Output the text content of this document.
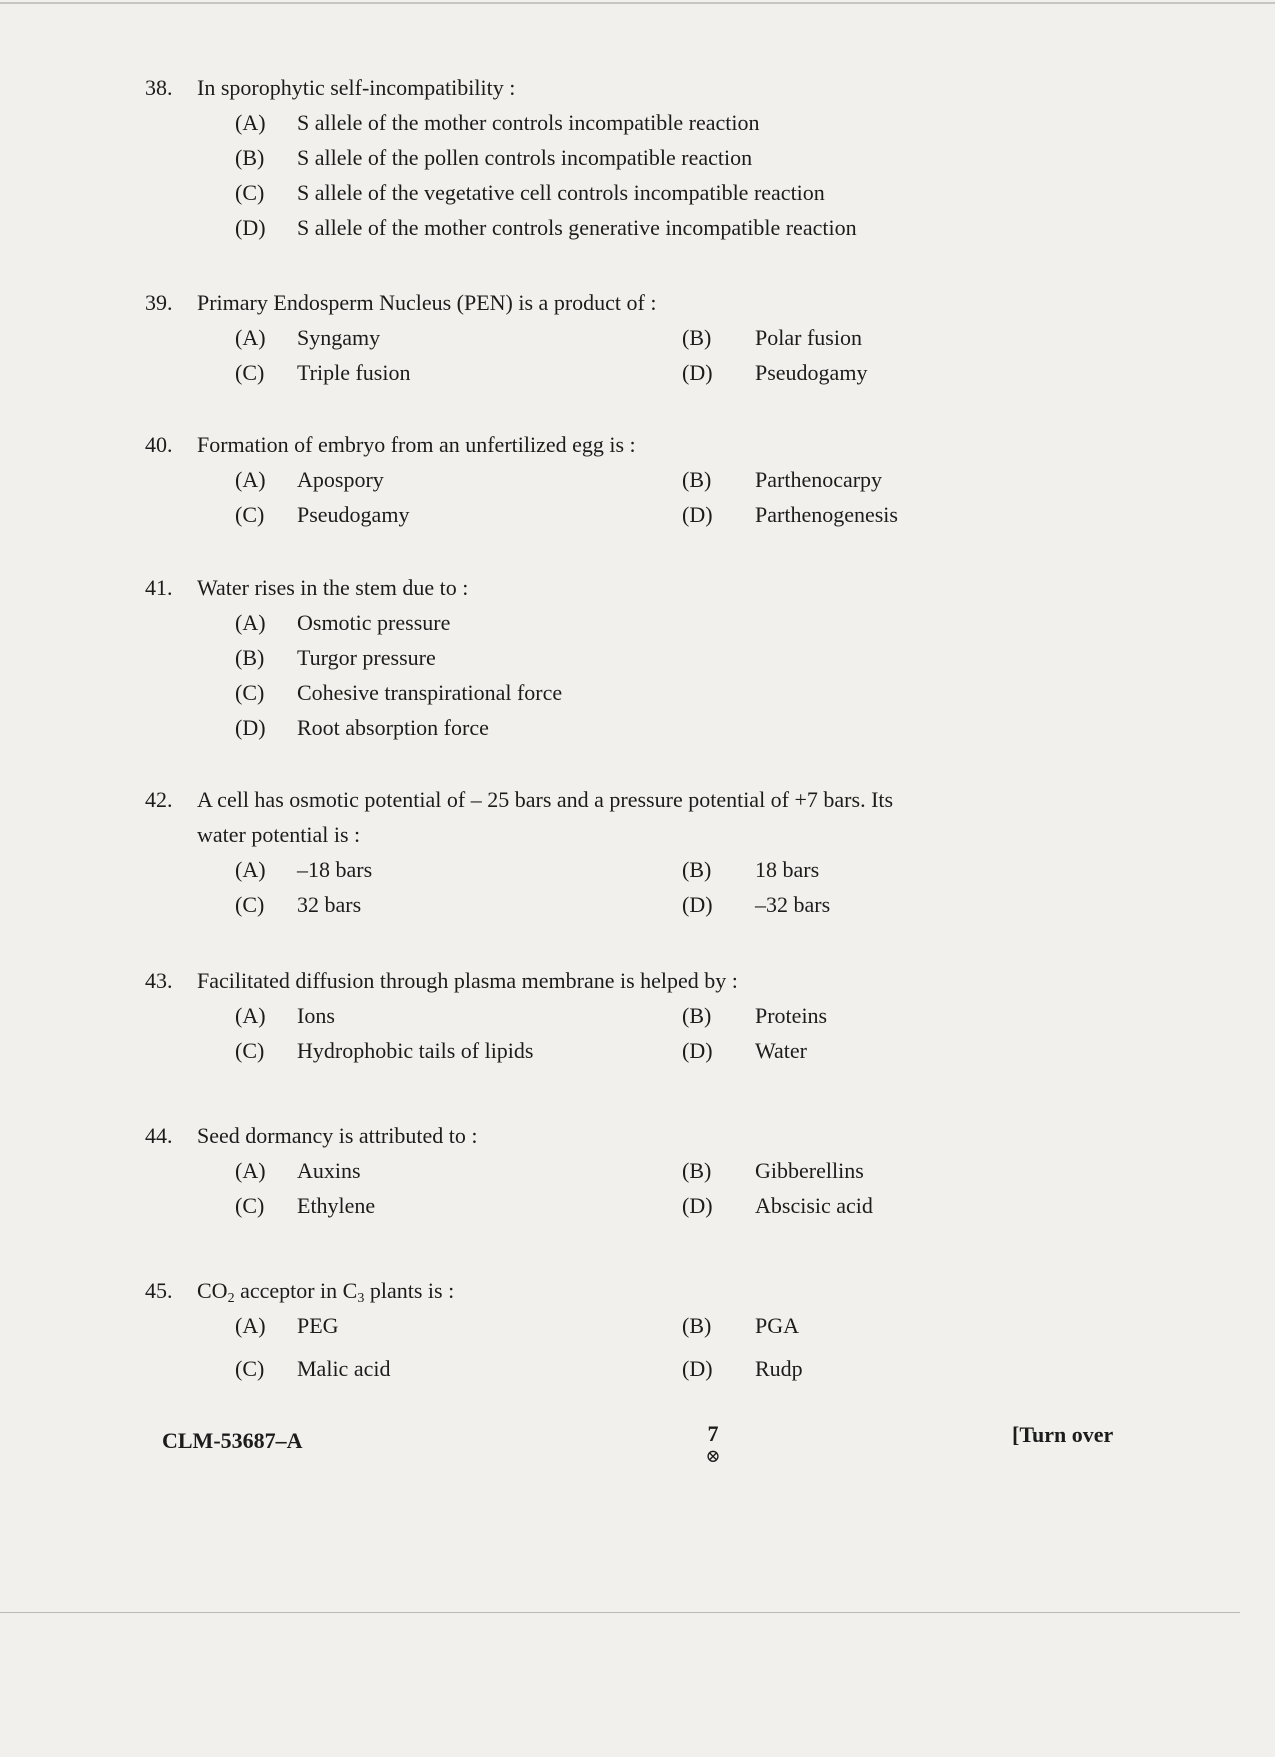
38. In sporophytic self-incompatibility :
(A) S allele of the mother controls incompatible reaction
(B) S allele of the pollen controls incompatible reaction
(C) S allele of the vegetative cell controls incompatible reaction
(D) S allele of the mother controls generative incompatible reaction
39. Primary Endosperm Nucleus (PEN) is a product of :
(A) Syngamy	(B) Polar fusion
(C) Triple fusion	(D) Pseudogamy
40. Formation of embryo from an unfertilized egg is :
(A) Apospory	(B) Parthenocarpy
(C) Pseudogamy	(D) Parthenogenesis
41. Water rises in the stem due to :
(A) Osmotic pressure
(B) Turgor pressure
(C) Cohesive transpirational force
(D) Root absorption force
42. A cell has osmotic potential of – 25 bars and a pressure potential of +7 bars. Its
water potential is :
(A) –18 bars	(B) 18 bars
(C) 32 bars	(D) –32 bars
43. Facilitated diffusion through plasma membrane is helped by :
(A) Ions	(B) Proteins
(C) Hydrophobic tails of lipids	(D) Water
44. Seed dormancy is attributed to :
(A) Auxins	(B) Gibberellins
(C) Ethylene	(D) Abscisic acid
45. $CO_2$ acceptor in $C_3$ plants is :
(A) PEG	(B) PGA
(C) Malic acid	(D) Rudp
CLM-53687–A	7
⊗
[Turn over
